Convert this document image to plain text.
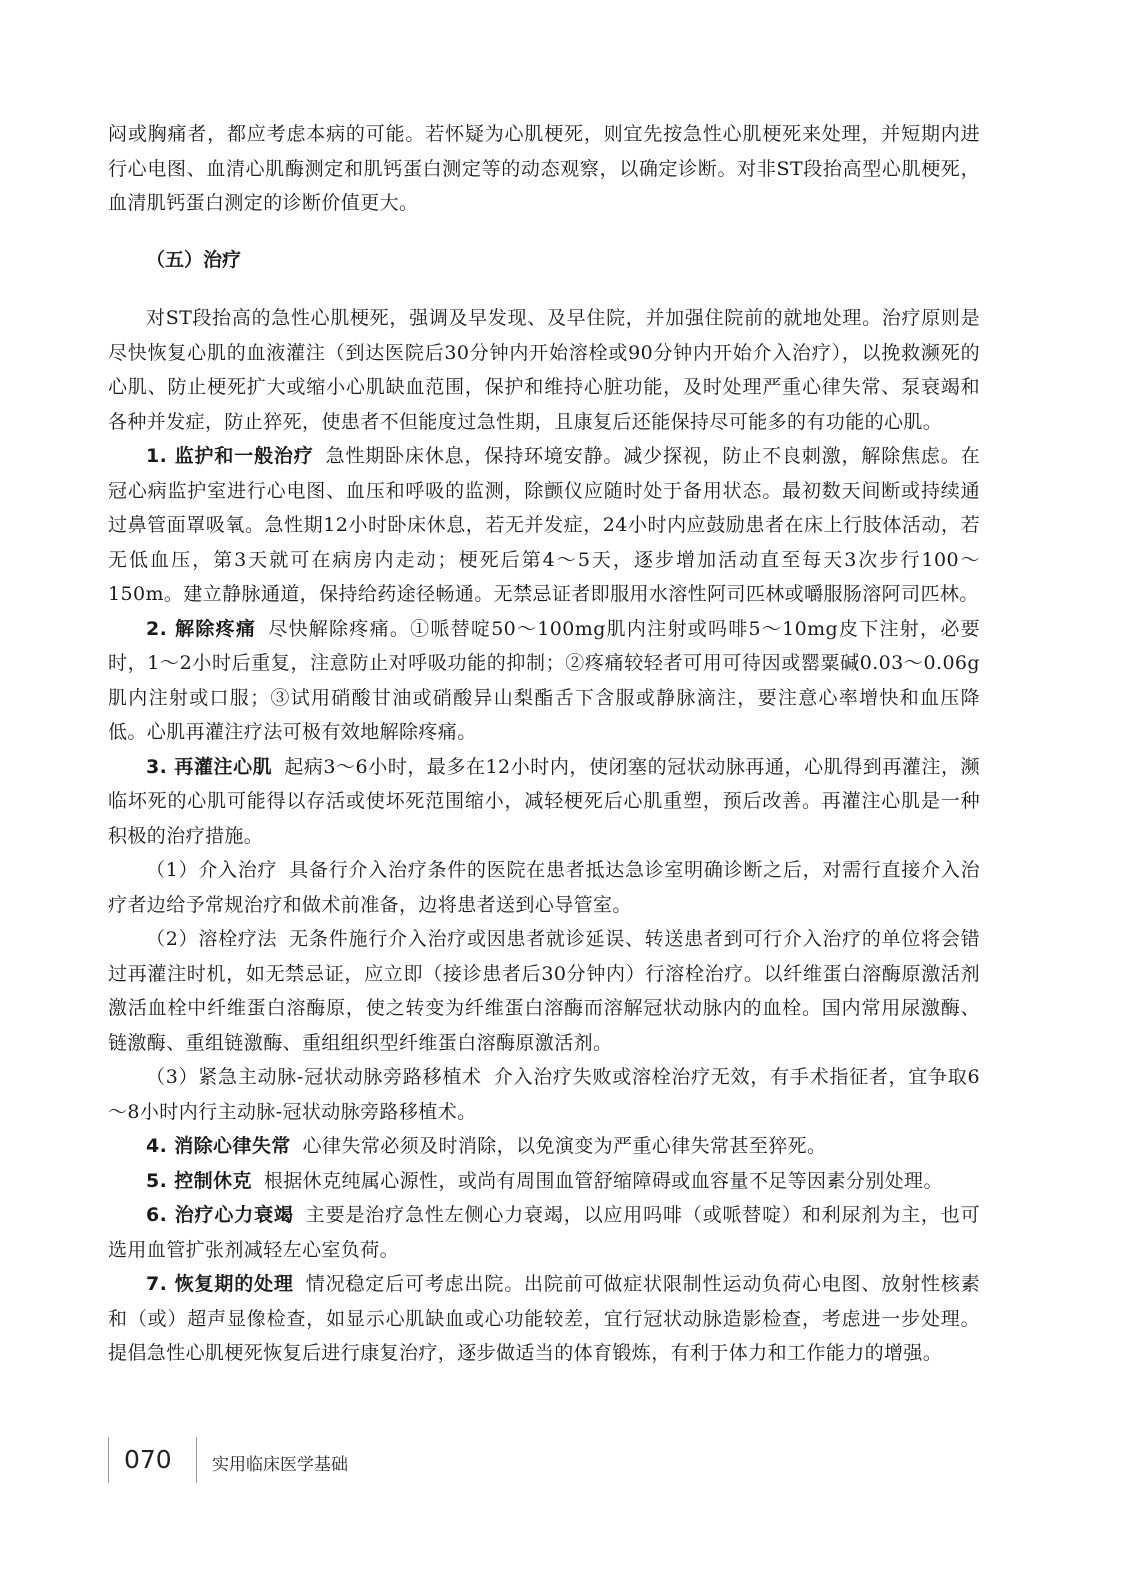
闷或胸痛者，都应考虑本病的可能。若怀疑为心肌梗死，则宜先按急性心肌梗死来处理，并短期内进行心电图、血清心肌酶测定和肌钙蛋白测定等的动态观察，以确定诊断。对非ST段抬高型心肌梗死，血清肌钙蛋白测定的诊断价值更大。

（五）治疗

对ST段抬高的急性心肌梗死，强调及早发现、及早住院，并加强住院前的就地处理。治疗原则是尽快恢复心肌的血液灌注（到达医院后30分钟内开始溶栓或90分钟内开始介入治疗），以挽救濒死的心肌、防止梗死扩大或缩小心肌缺血范围，保护和维持心脏功能，及时处理严重心律失常、泵衰竭和各种并发症，防止猝死，使患者不但能度过急性期，且康复后还能保持尽可能多的有功能的心肌。

1. 监护和一般治疗 急性期卧床休息，保持环境安静。减少探视，防止不良刺激，解除焦虑。在冠心病监护室进行心电图、血压和呼吸的监测，除颤仪应随时处于备用状态。最初数天间断或持续通过鼻管面罩吸氧。急性期12小时卧床休息，若无并发症，24小时内应鼓励患者在床上行肢体活动，若无低血压，第3天就可在病房内走动；梗死后第4～5天，逐步增加活动直至每天3次步行100～150m。建立静脉通道，保持给药途径畅通。无禁忌证者即服用水溶性阿司匹林或嚼服肠溶阿司匹林。

2. 解除疼痛 尽快解除疼痛。①哌替啶50～100mg肌内注射或吗啡5～10mg皮下注射，必要时，1～2小时后重复，注意防止对呼吸功能的抑制；②疼痛较轻者可用可待因或罂粟碱0.03～0.06g肌内注射或口服；③试用硝酸甘油或硝酸异山梨酯舌下含服或静脉滴注，要注意心率增快和血压降低。心肌再灌注疗法可极有效地解除疼痛。

3. 再灌注心肌 起病3～6小时，最多在12小时内，使闭塞的冠状动脉再通，心肌得到再灌注，濒临坏死的心肌可能得以存活或使坏死范围缩小，减轻梗死后心肌重塑，预后改善。再灌注心肌是一种积极的治疗措施。

（1）介入治疗 具备行介入治疗条件的医院在患者抵达急诊室明确诊断之后，对需行直接介入治疗者边给予常规治疗和做术前准备，边将患者送到心导管室。

（2）溶栓疗法 无条件施行介入治疗或因患者就诊延误、转送患者到可行介入治疗的单位将会错过再灌注时机，如无禁忌证，应立即（接诊患者后30分钟内）行溶栓治疗。以纤维蛋白溶酶原激活剂激活血栓中纤维蛋白溶酶原，使之转变为纤维蛋白溶酶而溶解冠状动脉内的血栓。国内常用尿激酶、链激酶、重组链激酶、重组组织型纤维蛋白溶酶原激活剂。

（3）紧急主动脉-冠状动脉旁路移植术 介入治疗失败或溶栓治疗无效，有手术指征者，宜争取6～8小时内行主动脉-冠状动脉旁路移植术。

4. 消除心律失常 心律失常必须及时消除，以免演变为严重心律失常甚至猝死。

5. 控制休克 根据休克纯属心源性，或尚有周围血管舒缩障碍或血容量不足等因素分别处理。

6. 治疗心力衰竭 主要是治疗急性左侧心力衰竭，以应用吗啡（或哌替啶）和利尿剂为主，也可选用血管扩张剂减轻左心室负荷。

7. 恢复期的处理 情况稳定后可考虑出院。出院前可做症状限制性运动负荷心电图、放射性核素和（或）超声显像检查，如显示心肌缺血或心功能较差，宜行冠状动脉造影检查，考虑进一步处理。提倡急性心肌梗死恢复后进行康复治疗，逐步做适当的体育锻炼，有利于体力和工作能力的增强。

070 实用临床医学基础
